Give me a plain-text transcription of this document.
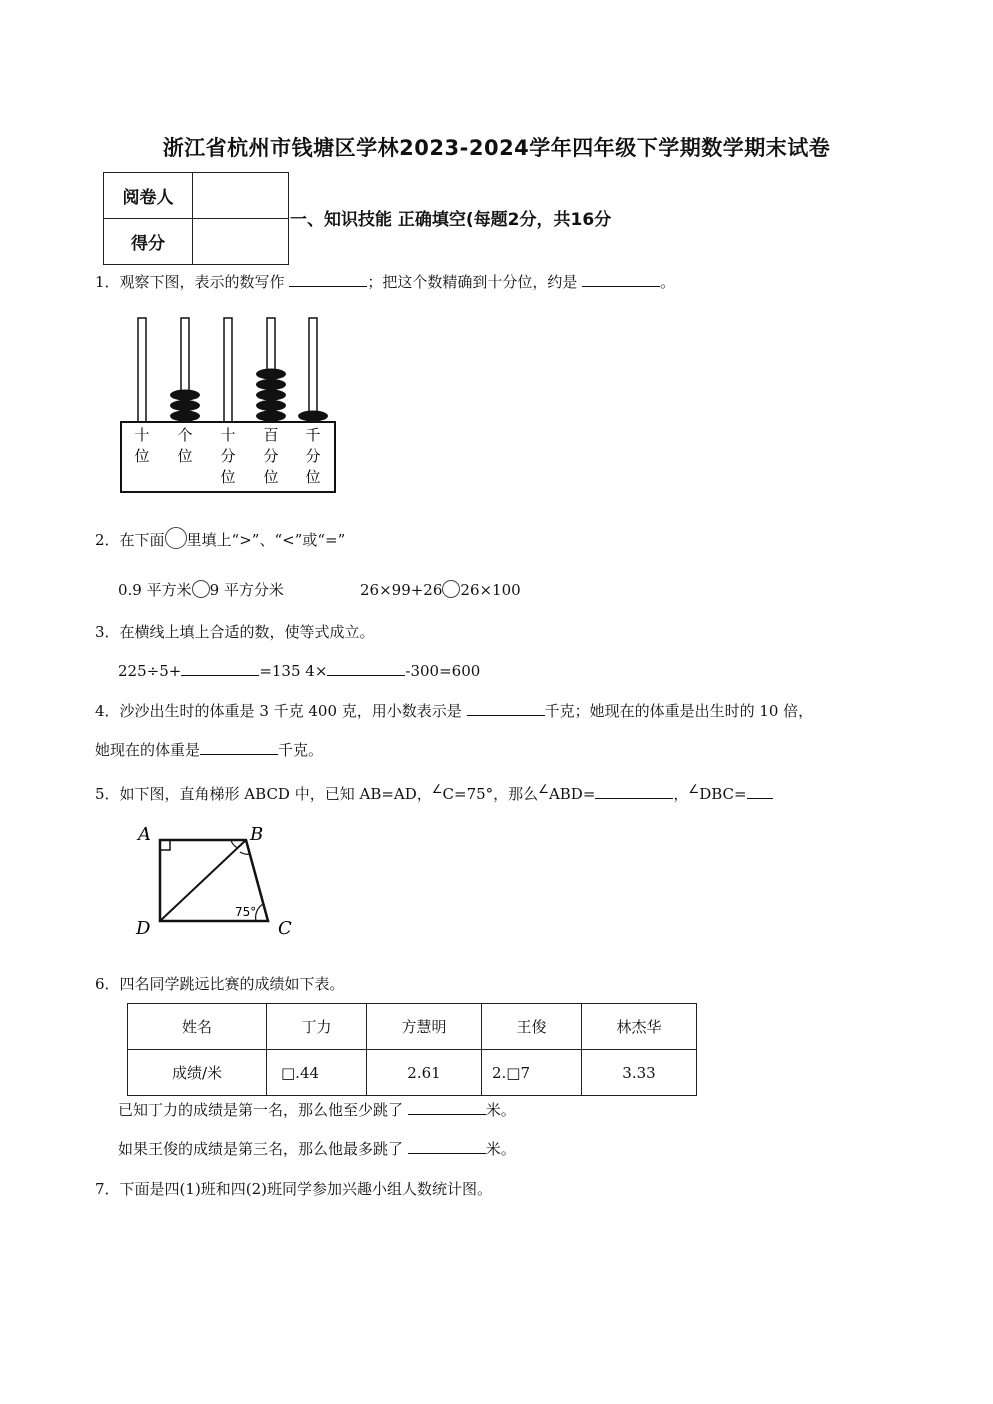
浙江省杭州市钱塘区学林2023-2024学年四年级下学期数学期末试卷
阅卷人	
得分	
一、知识技能 正确填空(每题2分，共16分
1．观察下图，表示的数写作	；把这个数精确到十分位，约是	。
十
位
个
位
十
分
位
百
分
位
千
分
位
2．在下面 里填上“>”、“<”或“=”
0.9 平方米 9 平方分米	26×99+26 26×100
3．在横线上填上合适的数，使等式成立。
225÷5+	=135 4×	-300=600
4．沙沙出生时的体重是 3 千克 400 克，用小数表示是	千克；她现在的体重是出生时的 10 倍，
她现在的体重是	千克。
5．如下图，直角梯形 ABCD 中，已知 AB=AD，∠C=75°，那么∠ABD=	，∠DBC=
A	B
C
D
75°
6．四名同学跳远比赛的成绩如下表。
姓名	丁力	方慧明	王俊	林杰华
成绩/米	□.44	2.61	2.□7	3.33
已知丁力的成绩是第一名，那么他至少跳了	米。
如果王俊的成绩是第三名，那么他最多跳了	米。
7．下面是四(1)班和四(2)班同学参加兴趣小组人数统计图。
